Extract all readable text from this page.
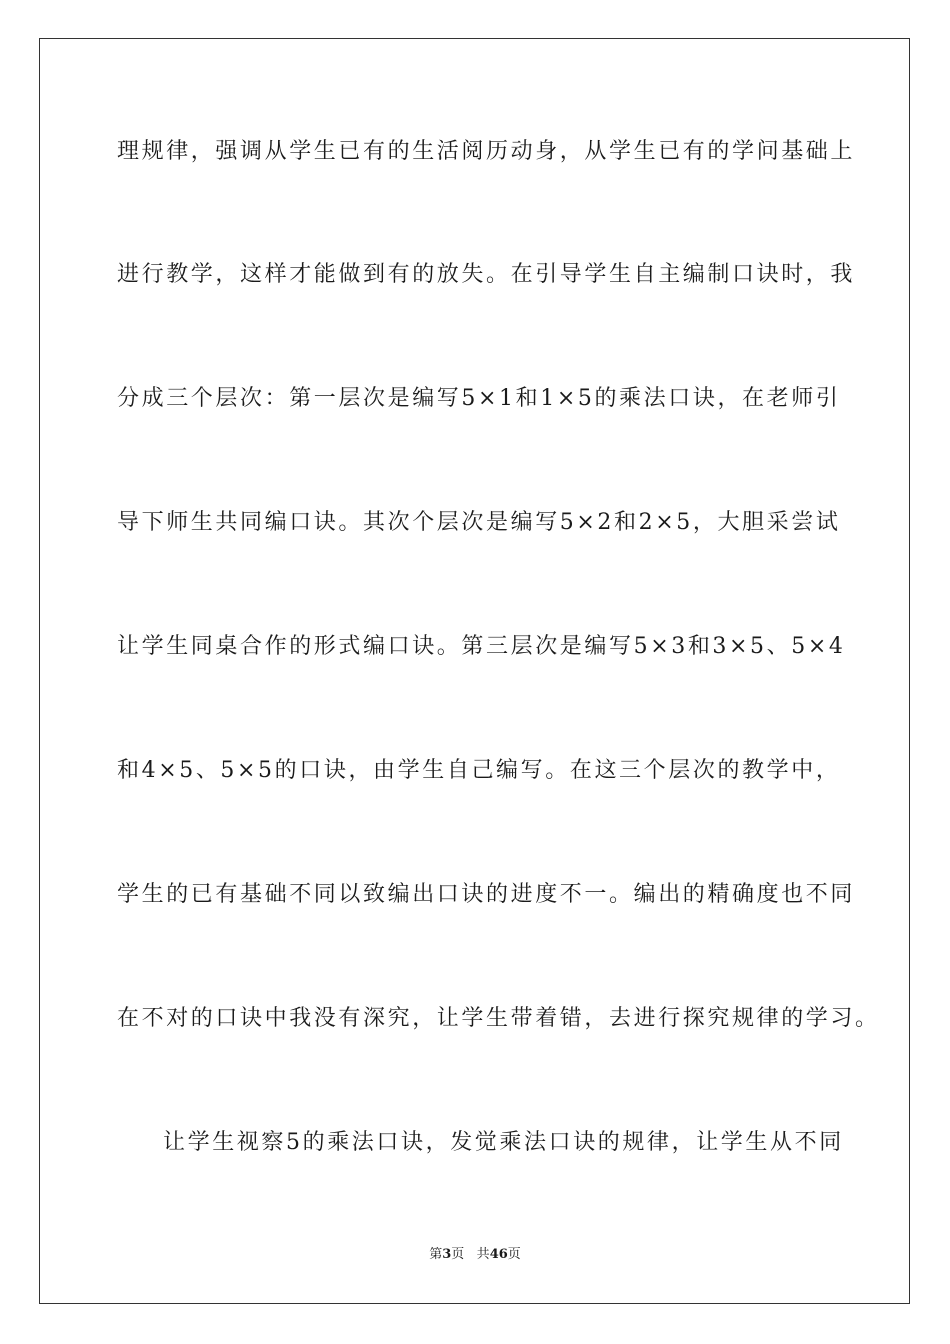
理规律，强调从学生已有的生活阅历动身，从学生已有的学问基础上
进行教学，这样才能做到有的放失。在引导学生自主编制口诀时，我
分成三个层次：第一层次是编写5×1和1×5的乘法口诀，在老师引
导下师生共同编口诀。其次个层次是编写5×2和2×5，大胆采尝试
让学生同桌合作的形式编口诀。第三层次是编写5×3和3×5、5×4
和4×5、5×5的口诀，由学生自己编写。在这三个层次的教学中，
学生的已有基础不同以致编出口诀的进度不一。编出的精确度也不同
在不对的口诀中我没有深究，让学生带着错，去进行探究规律的学习。
让学生视察5的乘法口诀，发觉乘法口诀的规律，让学生从不同
第3页 共46页
